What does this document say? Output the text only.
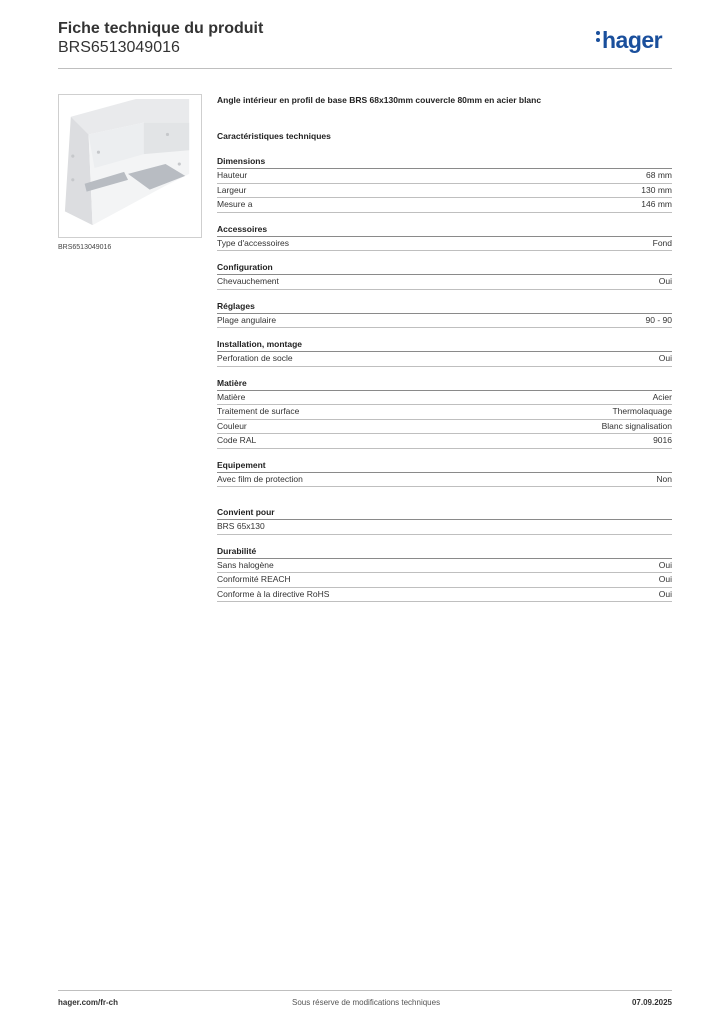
Fiche technique du produit
BRS6513049016	hager
BRS6513049016
Angle intérieur en profil de base BRS 68x130mm couvercle 80mm en acier blanc
Caractéristiques techniques
Dimensions
Hauteur	68 mm
Largeur	130 mm
Mesure a	146 mm
Accessoires
Type d'accessoires	Fond
Configuration
Chevauchement	Oui
Réglages
Plage angulaire	90 - 90
Installation, montage
Perforation de socle	Oui
Matière
Matière	Acier
Traitement de surface	Thermolaquage
Couleur	Blanc signalisation
Code RAL	9016
Equipement
Avec film de protection	Non
Convient pour
BRS 65x130
Durabilité
Sans halogène	Oui
Conformité REACH	Oui
Conforme à la directive RoHS	Oui
hager.com/fr-ch	Sous réserve de modifications techniques	07.09.2025
